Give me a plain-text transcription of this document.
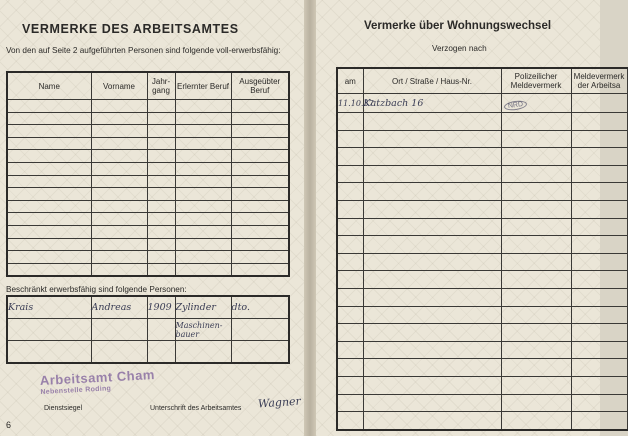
VERMERKE DES ARBEITSAMTES
Von den auf Seite 2 aufgeführten Personen sind folgende voll-erwerbsfähig:
Name	Vorname	Jahr-gang	Erlernter Beruf	Ausgeübter Beruf

Beschränkt erwerbsfähig sind folgende Personen:
Krais	Andreas	1909	Zylinder	dto.
			Maschinen-bauer	

Arbeitsamt Cham
Nebenstelle Roding
Dienstsiegel	Unterschrift des Arbeitsamtes Wagner
6
Vermerke über Wohnungswechsel
Verzogen nach
am	Ort / Straße / Haus-Nr.	Polizeilicher Meldevermerk	Meldevermerk der Arbeitsa
11.10.37	Katzbach 16	NRD	
